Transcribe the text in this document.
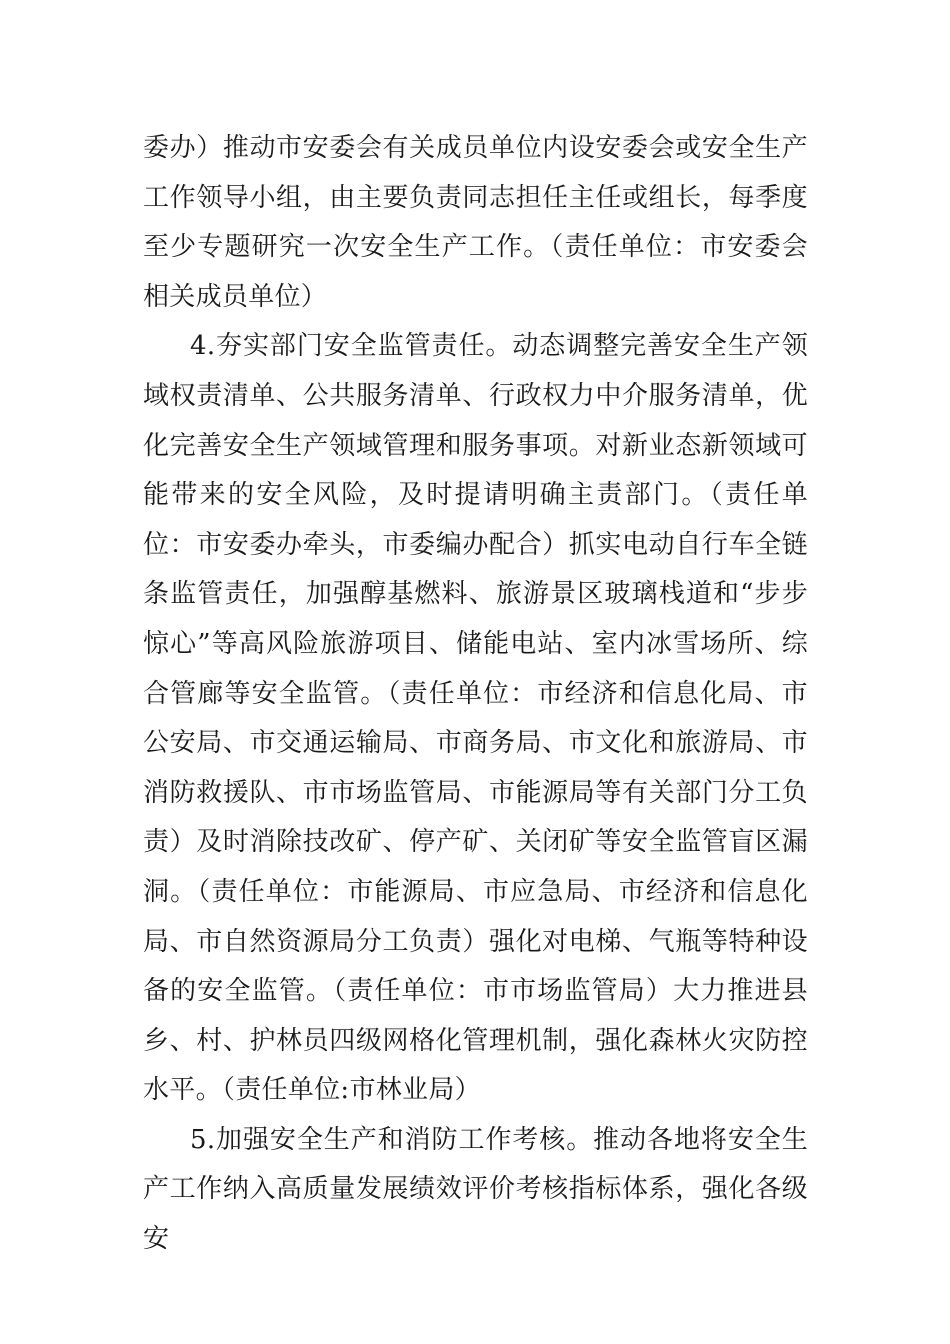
委办）推动市安委会有关成员单位内设安委会或安全生产工作领导小组，由主要负责同志担任主任或组长，每季度至少专题研究一次安全生产工作。（责任单位：市安委会相关成员单位）

4.夯实部门安全监管责任。动态调整完善安全生产领域权责清单、公共服务清单、行政权力中介服务清单，优化完善安全生产领域管理和服务事项。对新业态新领域可能带来的安全风险，及时提请明确主责部门。（责任单位：市安委办牵头，市委编办配合）抓实电动自行车全链条监管责任，加强醇基燃料、旅游景区玻璃栈道和“步步惊心”等高风险旅游项目、储能电站、室内冰雪场所、综合管廊等安全监管。（责任单位：市经济和信息化局、市公安局、市交通运输局、市商务局、市文化和旅游局、市消防救援队、市市场监管局、市能源局等有关部门分工负责）及时消除技改矿、停产矿、关闭矿等安全监管盲区漏洞。（责任单位：市能源局、市应急局、市经济和信息化局、市自然资源局分工负责）强化对电梯、气瓶等特种设备的安全监管。（责任单位：市市场监管局）大力推进县乡、村、护林员四级网格化管理机制，强化森林火灾防控水平。（责任单位:市林业局）

5.加强安全生产和消防工作考核。推动各地将安全生产工作纳入高质量发展绩效评价考核指标体系，强化各级安
